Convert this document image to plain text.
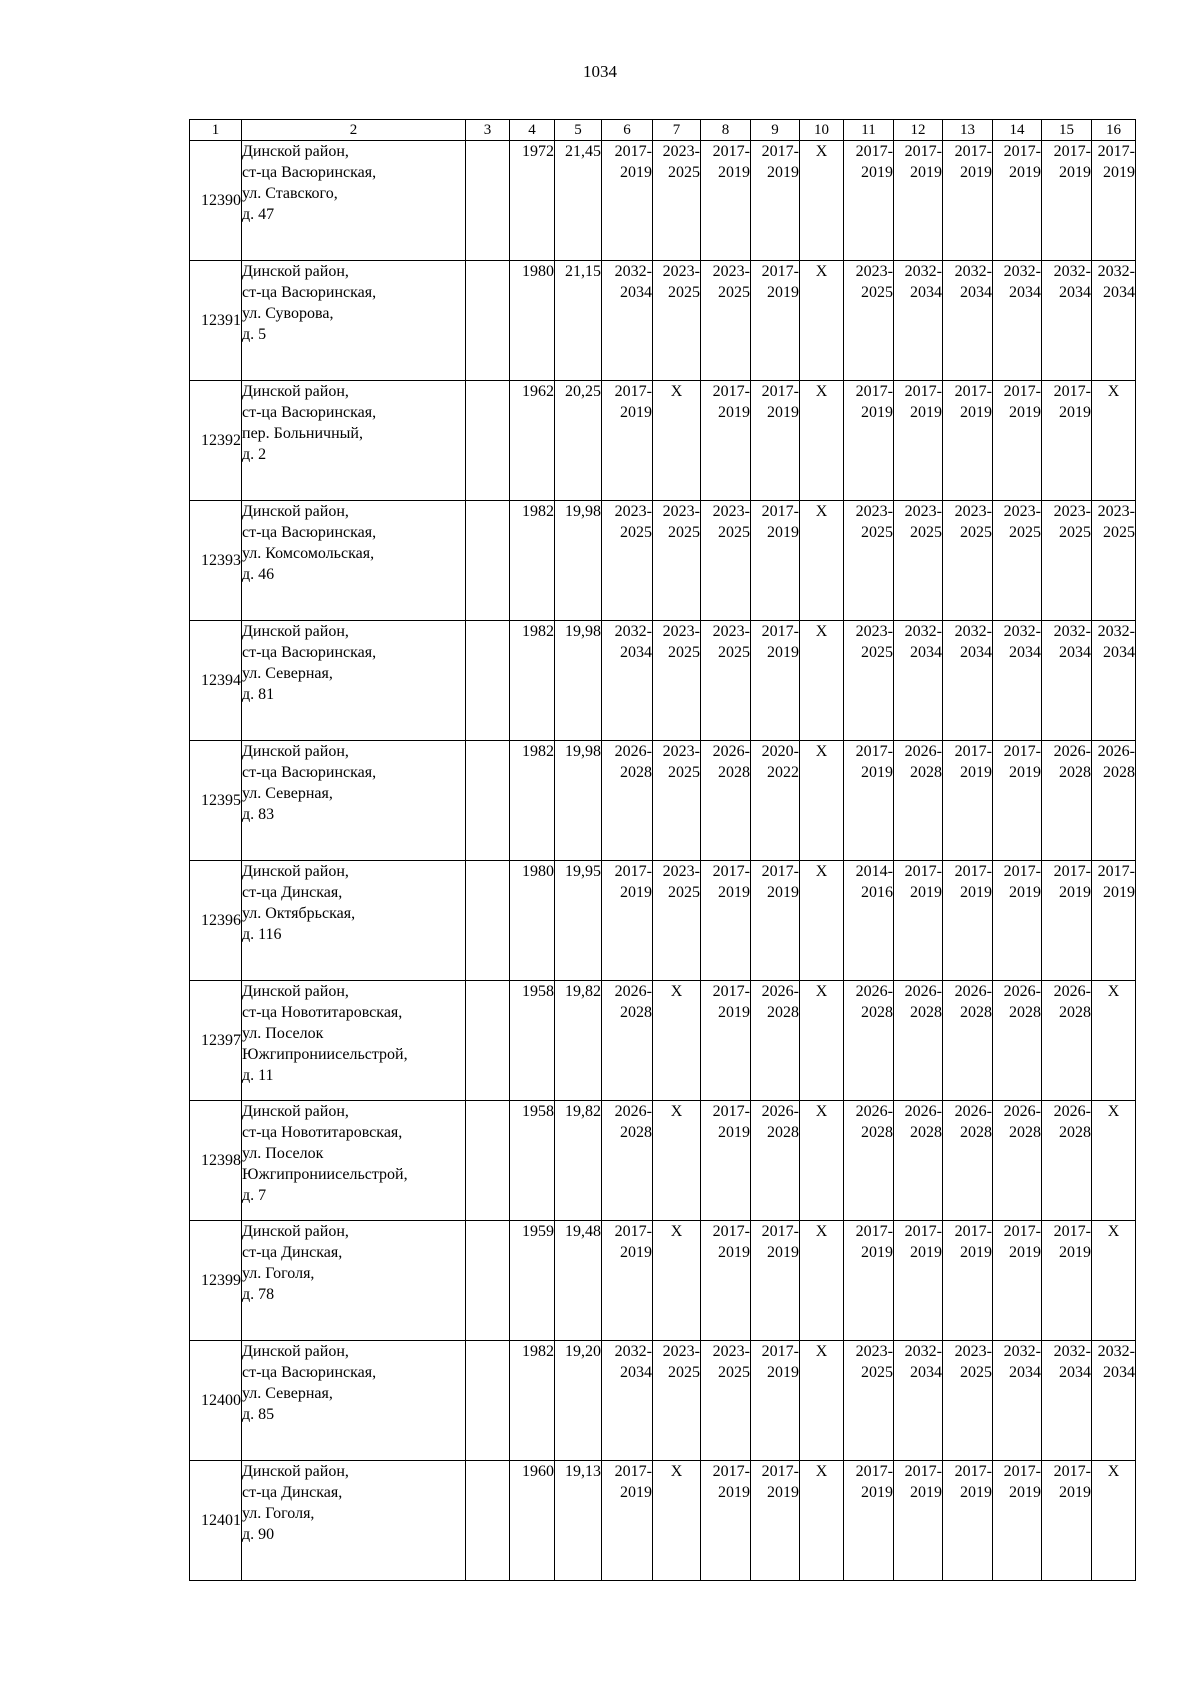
1034
1	2	3	4	5	6	7	8	9	10	11	12	13	14	15	16
12390	Динской район,
ст-ца Васюринская,
ул. Ставского,
д. 47		1972	21,45	2017-
2019	2023-
2025	2017-
2019	2017-
2019	X	2017-
2019	2017-
2019	2017-
2019	2017-
2019	2017-
2019	2017-
2019
12391	Динской район,
ст-ца Васюринская,
ул. Суворова,
д. 5		1980	21,15	2032-
2034	2023-
2025	2023-
2025	2017-
2019	X	2023-
2025	2032-
2034	2032-
2034	2032-
2034	2032-
2034	2032-
2034
12392	Динской район,
ст-ца Васюринская,
пер. Больничный,
д. 2		1962	20,25	2017-
2019	X	2017-
2019	2017-
2019	X	2017-
2019	2017-
2019	2017-
2019	2017-
2019	2017-
2019	X
12393	Динской район,
ст-ца Васюринская,
ул. Комсомольская,
д. 46		1982	19,98	2023-
2025	2023-
2025	2023-
2025	2017-
2019	X	2023-
2025	2023-
2025	2023-
2025	2023-
2025	2023-
2025	2023-
2025
12394	Динской район,
ст-ца Васюринская,
ул. Северная,
д. 81		1982	19,98	2032-
2034	2023-
2025	2023-
2025	2017-
2019	X	2023-
2025	2032-
2034	2032-
2034	2032-
2034	2032-
2034	2032-
2034
12395	Динской район,
ст-ца Васюринская,
ул. Северная,
д. 83		1982	19,98	2026-
2028	2023-
2025	2026-
2028	2020-
2022	X	2017-
2019	2026-
2028	2017-
2019	2017-
2019	2026-
2028	2026-
2028
12396	Динской район,
ст-ца Динская,
ул. Октябрьская,
д. 116		1980	19,95	2017-
2019	2023-
2025	2017-
2019	2017-
2019	X	2014-
2016	2017-
2019	2017-
2019	2017-
2019	2017-
2019	2017-
2019
12397	Динской район,
ст-ца Новотитаровская,
ул. Поселок
Южгипрониисельстрой,
д. 11		1958	19,82	2026-
2028	X	2017-
2019	2026-
2028	X	2026-
2028	2026-
2028	2026-
2028	2026-
2028	2026-
2028	X
12398	Динской район,
ст-ца Новотитаровская,
ул. Поселок
Южгипрониисельстрой,
д. 7		1958	19,82	2026-
2028	X	2017-
2019	2026-
2028	X	2026-
2028	2026-
2028	2026-
2028	2026-
2028	2026-
2028	X
12399	Динской район,
ст-ца Динская,
ул. Гоголя,
д. 78		1959	19,48	2017-
2019	X	2017-
2019	2017-
2019	X	2017-
2019	2017-
2019	2017-
2019	2017-
2019	2017-
2019	X
12400	Динской район,
ст-ца Васюринская,
ул. Северная,
д. 85		1982	19,20	2032-
2034	2023-
2025	2023-
2025	2017-
2019	X	2023-
2025	2032-
2034	2023-
2025	2032-
2034	2032-
2034	2032-
2034
12401	Динской район,
ст-ца Динская,
ул. Гоголя,
д. 90		1960	19,13	2017-
2019	X	2017-
2019	2017-
2019	X	2017-
2019	2017-
2019	2017-
2019	2017-
2019	2017-
2019	X
